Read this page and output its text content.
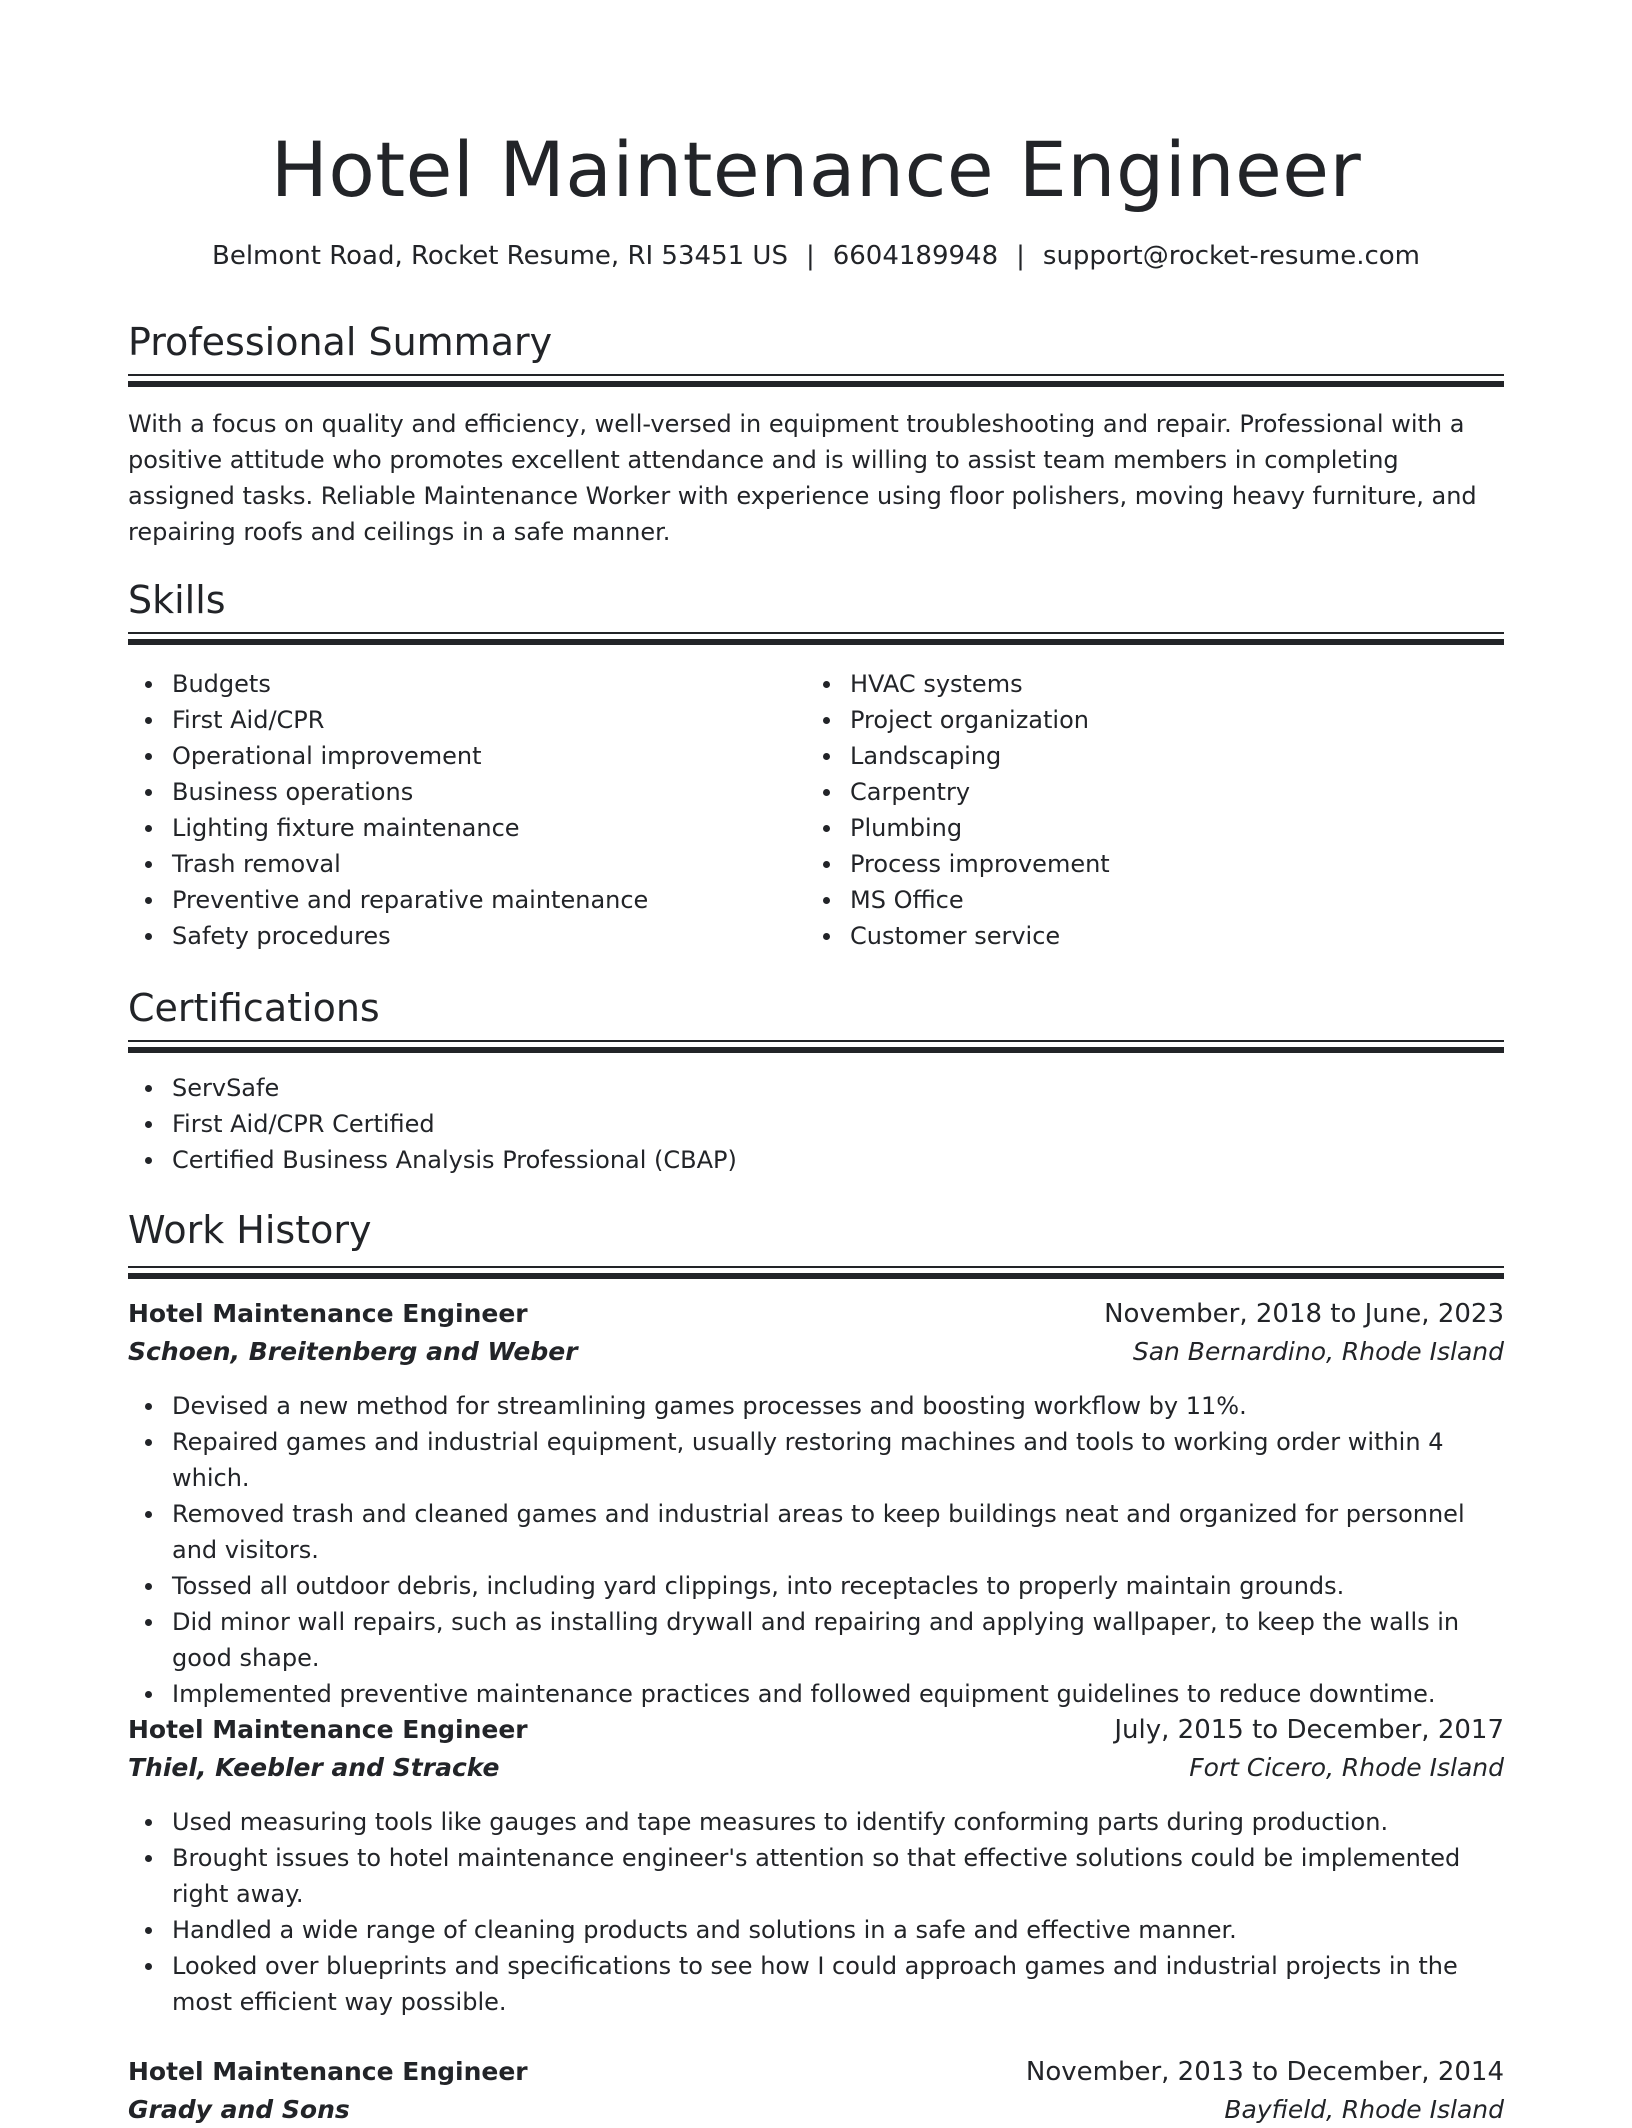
Hotel Maintenance Engineer
Belmont Road, Rocket Resume, RI 53451 US | 6604189948 | support@rocket-resume.com
Professional Summary
With a focus on quality and efficiency, well-versed in equipment troubleshooting and repair. Professional with a positive attitude who promotes excellent attendance and is willing to assist team members in completing assigned tasks. Reliable Maintenance Worker with experience using floor polishers, moving heavy furniture, and repairing roofs and ceilings in a safe manner.
Skills
Budgets
First Aid/CPR
Operational improvement
Business operations
Lighting fixture maintenance
Trash removal
Preventive and reparative maintenance
Safety procedures
HVAC systems
Project organization
Landscaping
Carpentry
Plumbing
Process improvement
MS Office
Customer service
Certifications
ServSafe
First Aid/CPR Certified
Certified Business Analysis Professional (CBAP)
Work History
Hotel Maintenance Engineer	November, 2018 to June, 2023
Schoen, Breitenberg and Weber	San Bernardino, Rhode Island
Devised a new method for streamlining games processes and boosting workflow by 11%.
Repaired games and industrial equipment, usually restoring machines and tools to working order within 4 which.
Removed trash and cleaned games and industrial areas to keep buildings neat and organized for personnel and visitors.
Tossed all outdoor debris, including yard clippings, into receptacles to properly maintain grounds.
Did minor wall repairs, such as installing drywall and repairing and applying wallpaper, to keep the walls in good shape.
Implemented preventive maintenance practices and followed equipment guidelines to reduce downtime.
Hotel Maintenance Engineer	July, 2015 to December, 2017
Thiel, Keebler and Stracke	Fort Cicero, Rhode Island
Used measuring tools like gauges and tape measures to identify conforming parts during production.
Brought issues to hotel maintenance engineer's attention so that effective solutions could be implemented right away.
Handled a wide range of cleaning products and solutions in a safe and effective manner.
Looked over blueprints and specifications to see how I could approach games and industrial projects in the most efficient way possible.
Hotel Maintenance Engineer	November, 2013 to December, 2014
Grady and Sons	Bayfield, Rhode Island
